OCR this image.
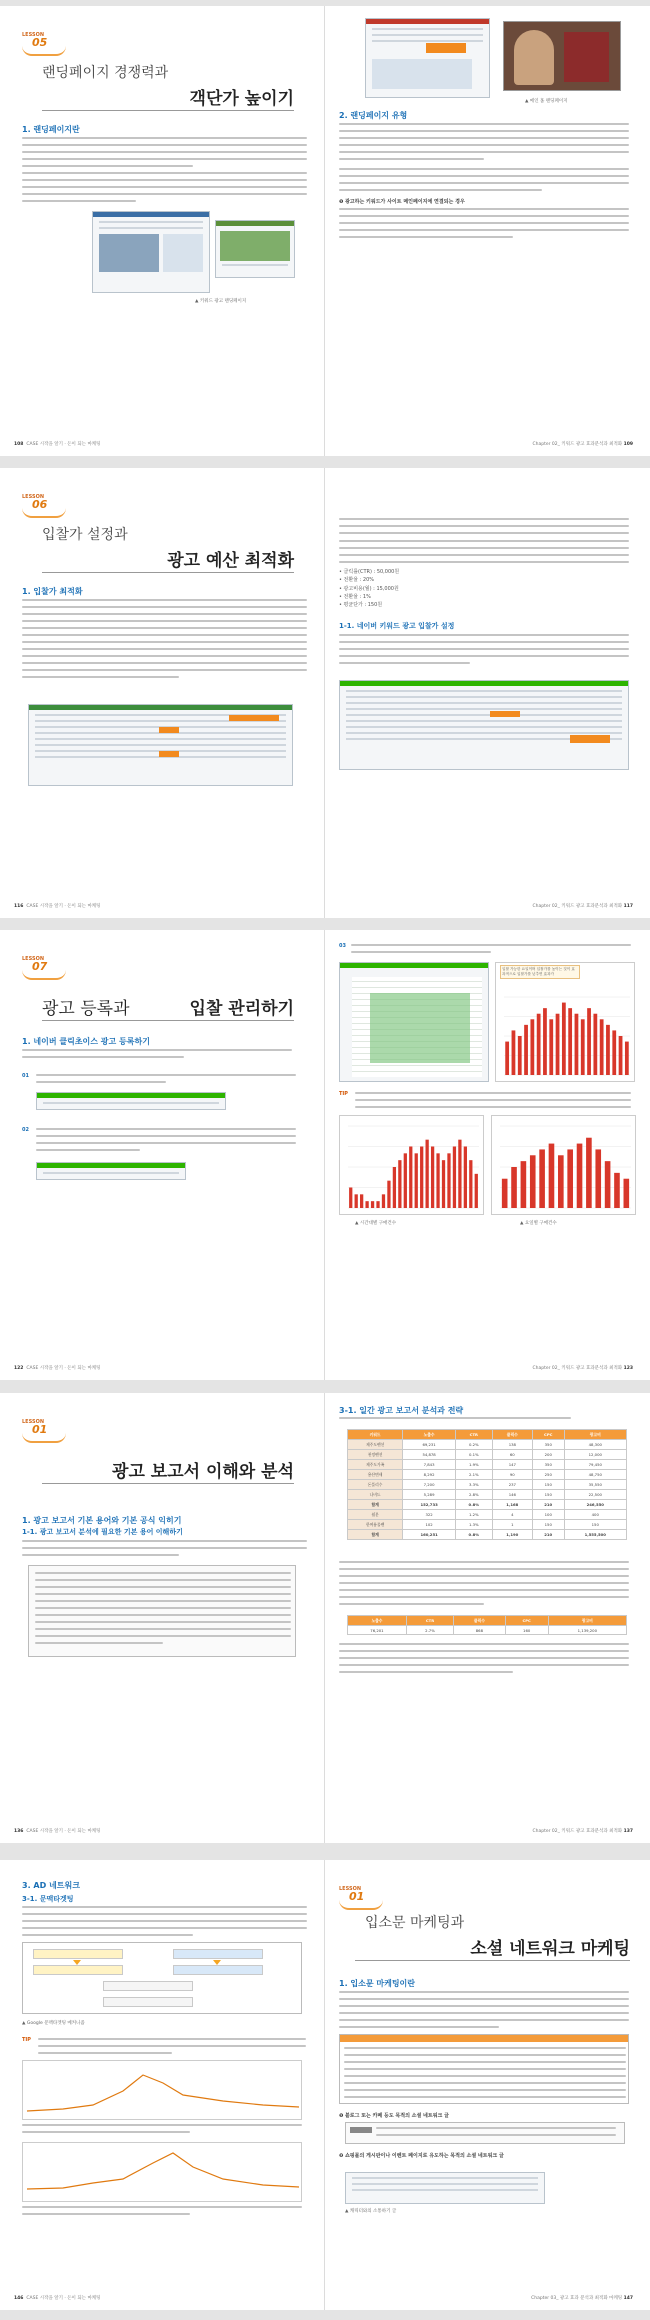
LESSON
05
랜딩페이지 경쟁력과
객단가 높이기
1. 랜딩페이지란
▲ 키워드 광고 랜딩페이지
108 CASE 시작을 알기 · 돈이 되는 마케팅
▲ 메인 홈 랜딩페이지
2. 랜딩페이지 유형
❶ 광고하는 키워드가 사이트 메인페이지에 연결되는 경우
Chapter 02_ 키워드 광고 효과분석과 최적화 109
LESSON
06
입찰가 설정과
광고 예산 최적화
1. 입찰가 최적화
116 CASE 시작을 알기 · 돈이 되는 마케팅
• 클릭률(CTR) : 50,000원
• 전환율 : 20%
• 광고비용(월) : 15,000원
• 전환율 : 1%
• 평균단가 : 150원
1-1. 네이버 키워드 광고 입찰가 설정
Chapter 02_ 키워드 광고 효과분석과 최적화 117
LESSON
07
광고 등록과	입찰 관리하기
1. 네이버 클릭초이스 광고 등록하기
01
02
122 CASE 시작을 알기 · 돈이 되는 마케팅
03
입찰 가능한 요일이며 입찰가를 높이는 것이 효과적으로 입찰가를 낮추면 효과가
TIP
▲ 시간대별 구매건수	▲ 요일별 구매건수
Chapter 02_ 키워드 광고 효과분석과 최적화 123
LESSON
01
광고 보고서 이해와 분석
1. 광고 보고서 기본 용어와 기본 공식 익히기
1-1. 광고 보고서 분석에 필요한 기본 용어 이해하기
136 CASE 시작을 알기 · 돈이 되는 마케팅
3-1. 일간 광고 보고서 분석과 전략
키워드	노출수	CTR	클릭수	CPC	광고비
제주도펜션	69,231	0.2%	138	350	48,300
천정펜션	54,878	0.1%	60	200	12,000
제주도가족	7,843	1.9%	147	350	79,450
용산면새	8,292	2.1%	90	250	48,750
돈플리수	7,200	3.3%	237	150	35,550
나비드	5,289	2.8%	146	150	22,500
합계	152,733	0.8%	1,168	210	246,550
월분	322	1.2%	4	100	400
한여름물펜	102	1.3%	1	150	150
합계	160,251	0.8%	1,190	210	1,555,500
노출수	CTR	클릭수	CPC	광고비
76,201	2.7%	868	160	1,139,200
Chapter 02_ 키워드 광고 효과분석과 최적화 137
3. AD 네트워크
3-1. 문맥타겟팅
▲ Google 문맥타겟팅 메커니즘
TIP
146 CASE 시작을 알기 · 돈이 되는 마케팅
LESSON
01
입소문 마케팅과
소셜 네트워크 마케팅
1. 입소문 마케팅이란
❶ 블로그 또는 카페 등도 목적의 소셜 네트워크 글
❷ 쇼핑몰의 게시판이나 이벤트 페이지로 유도하는 목적의 소셜 네트워크 글
▲ 캐릭터와의 소통하기 글
Chapter 03_ 광고 효과 분석과 최적화 마케팅 147
